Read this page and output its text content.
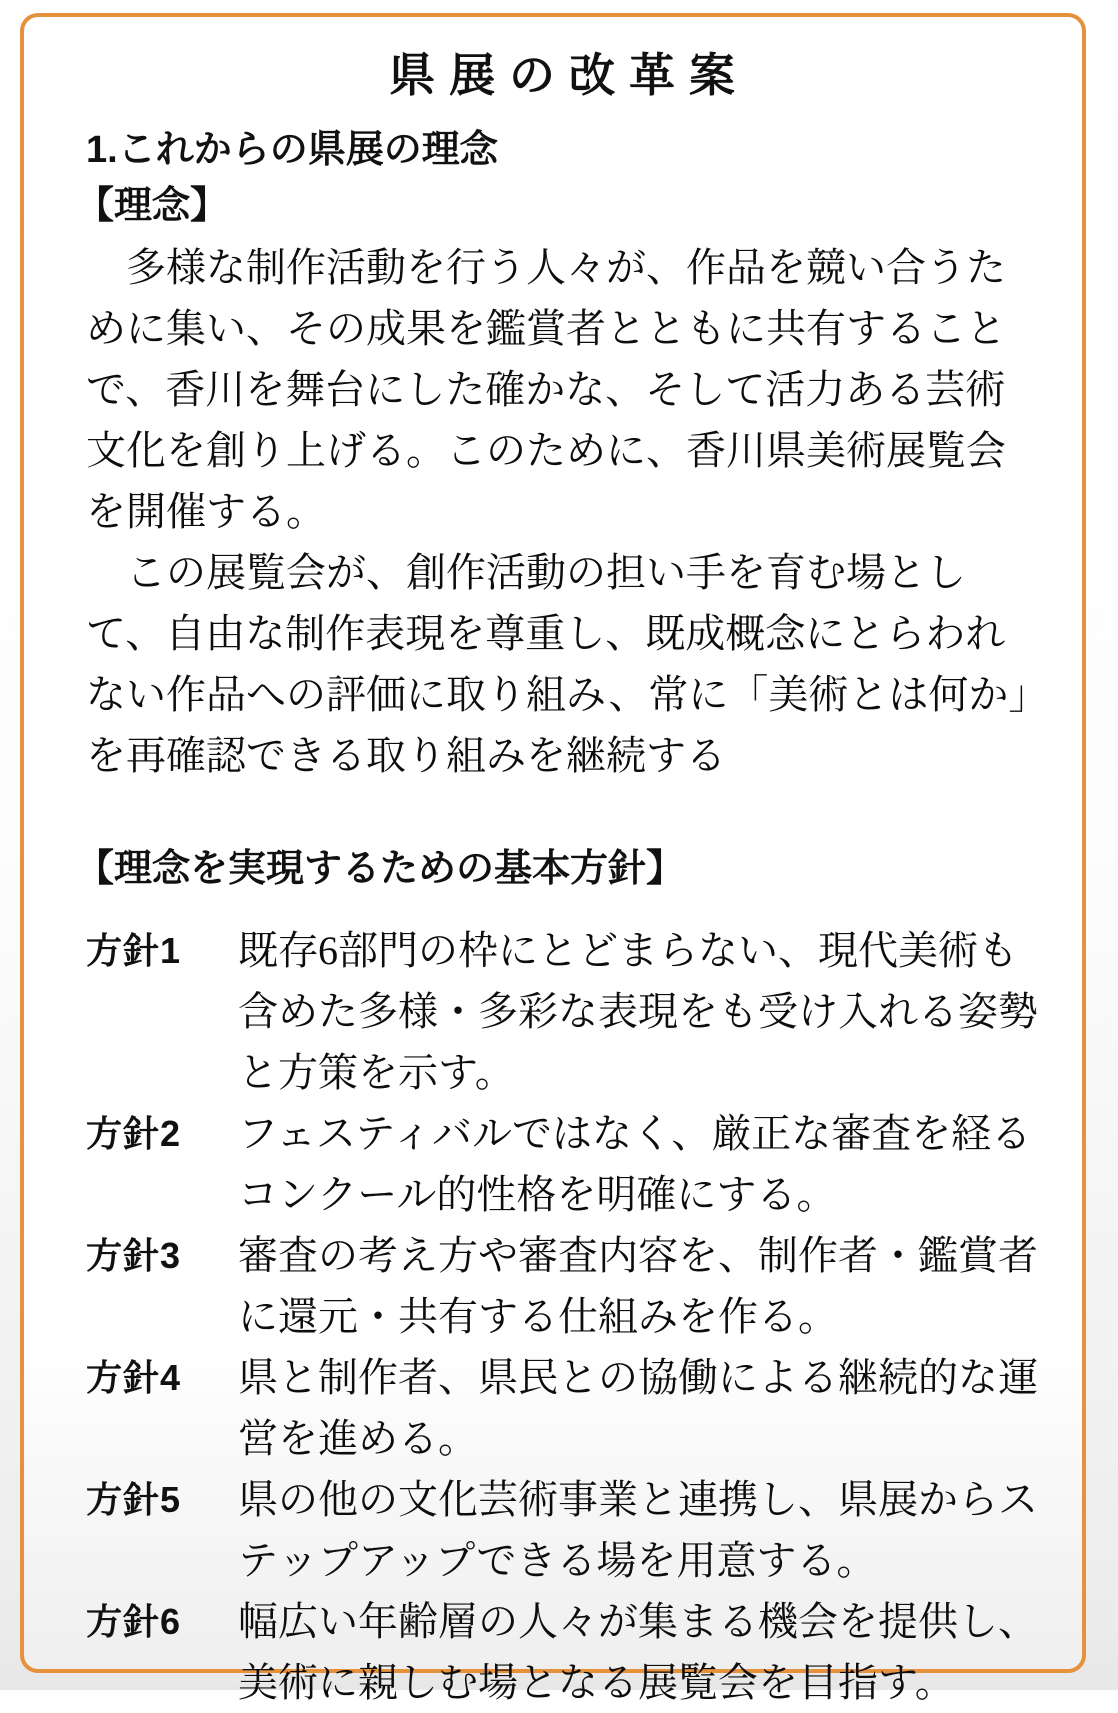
県展の改革案
1.これからの県展の理念
【理念】

多様な制作活動を行う人々が、作品を競い合うために集い、その成果を鑑賞者とともに共有することで、香川を舞台にした確かな、そして活力ある芸術文化を創り上げる。このために、香川県美術展覧会を開催する。

この展覧会が、創作活動の担い手を育む場として、自由な制作表現を尊重し、既成概念にとらわれない作品への評価に取り組み、常に「美術とは何か」を再確認できる取り組みを継続する

【理念を実現するための基本方針】
方針1	既存6部門の枠にとどまらない、現代美術も含めた多様・多彩な表現をも受け入れる姿勢と方策を示す。

方針2	フェスティバルではなく、厳正な審査を経るコンクール的性格を明確にする。

方針3	審査の考え方や審査内容を、制作者・鑑賞者に還元・共有する仕組みを作る。

方針4	県と制作者、県民との協働による継続的な運営を進める。

方針5	県の他の文化芸術事業と連携し、県展からステップアップできる場を用意する。

方針6	幅広い年齢層の人々が集まる機会を提供し、美術に親しむ場となる展覧会を目指す。
